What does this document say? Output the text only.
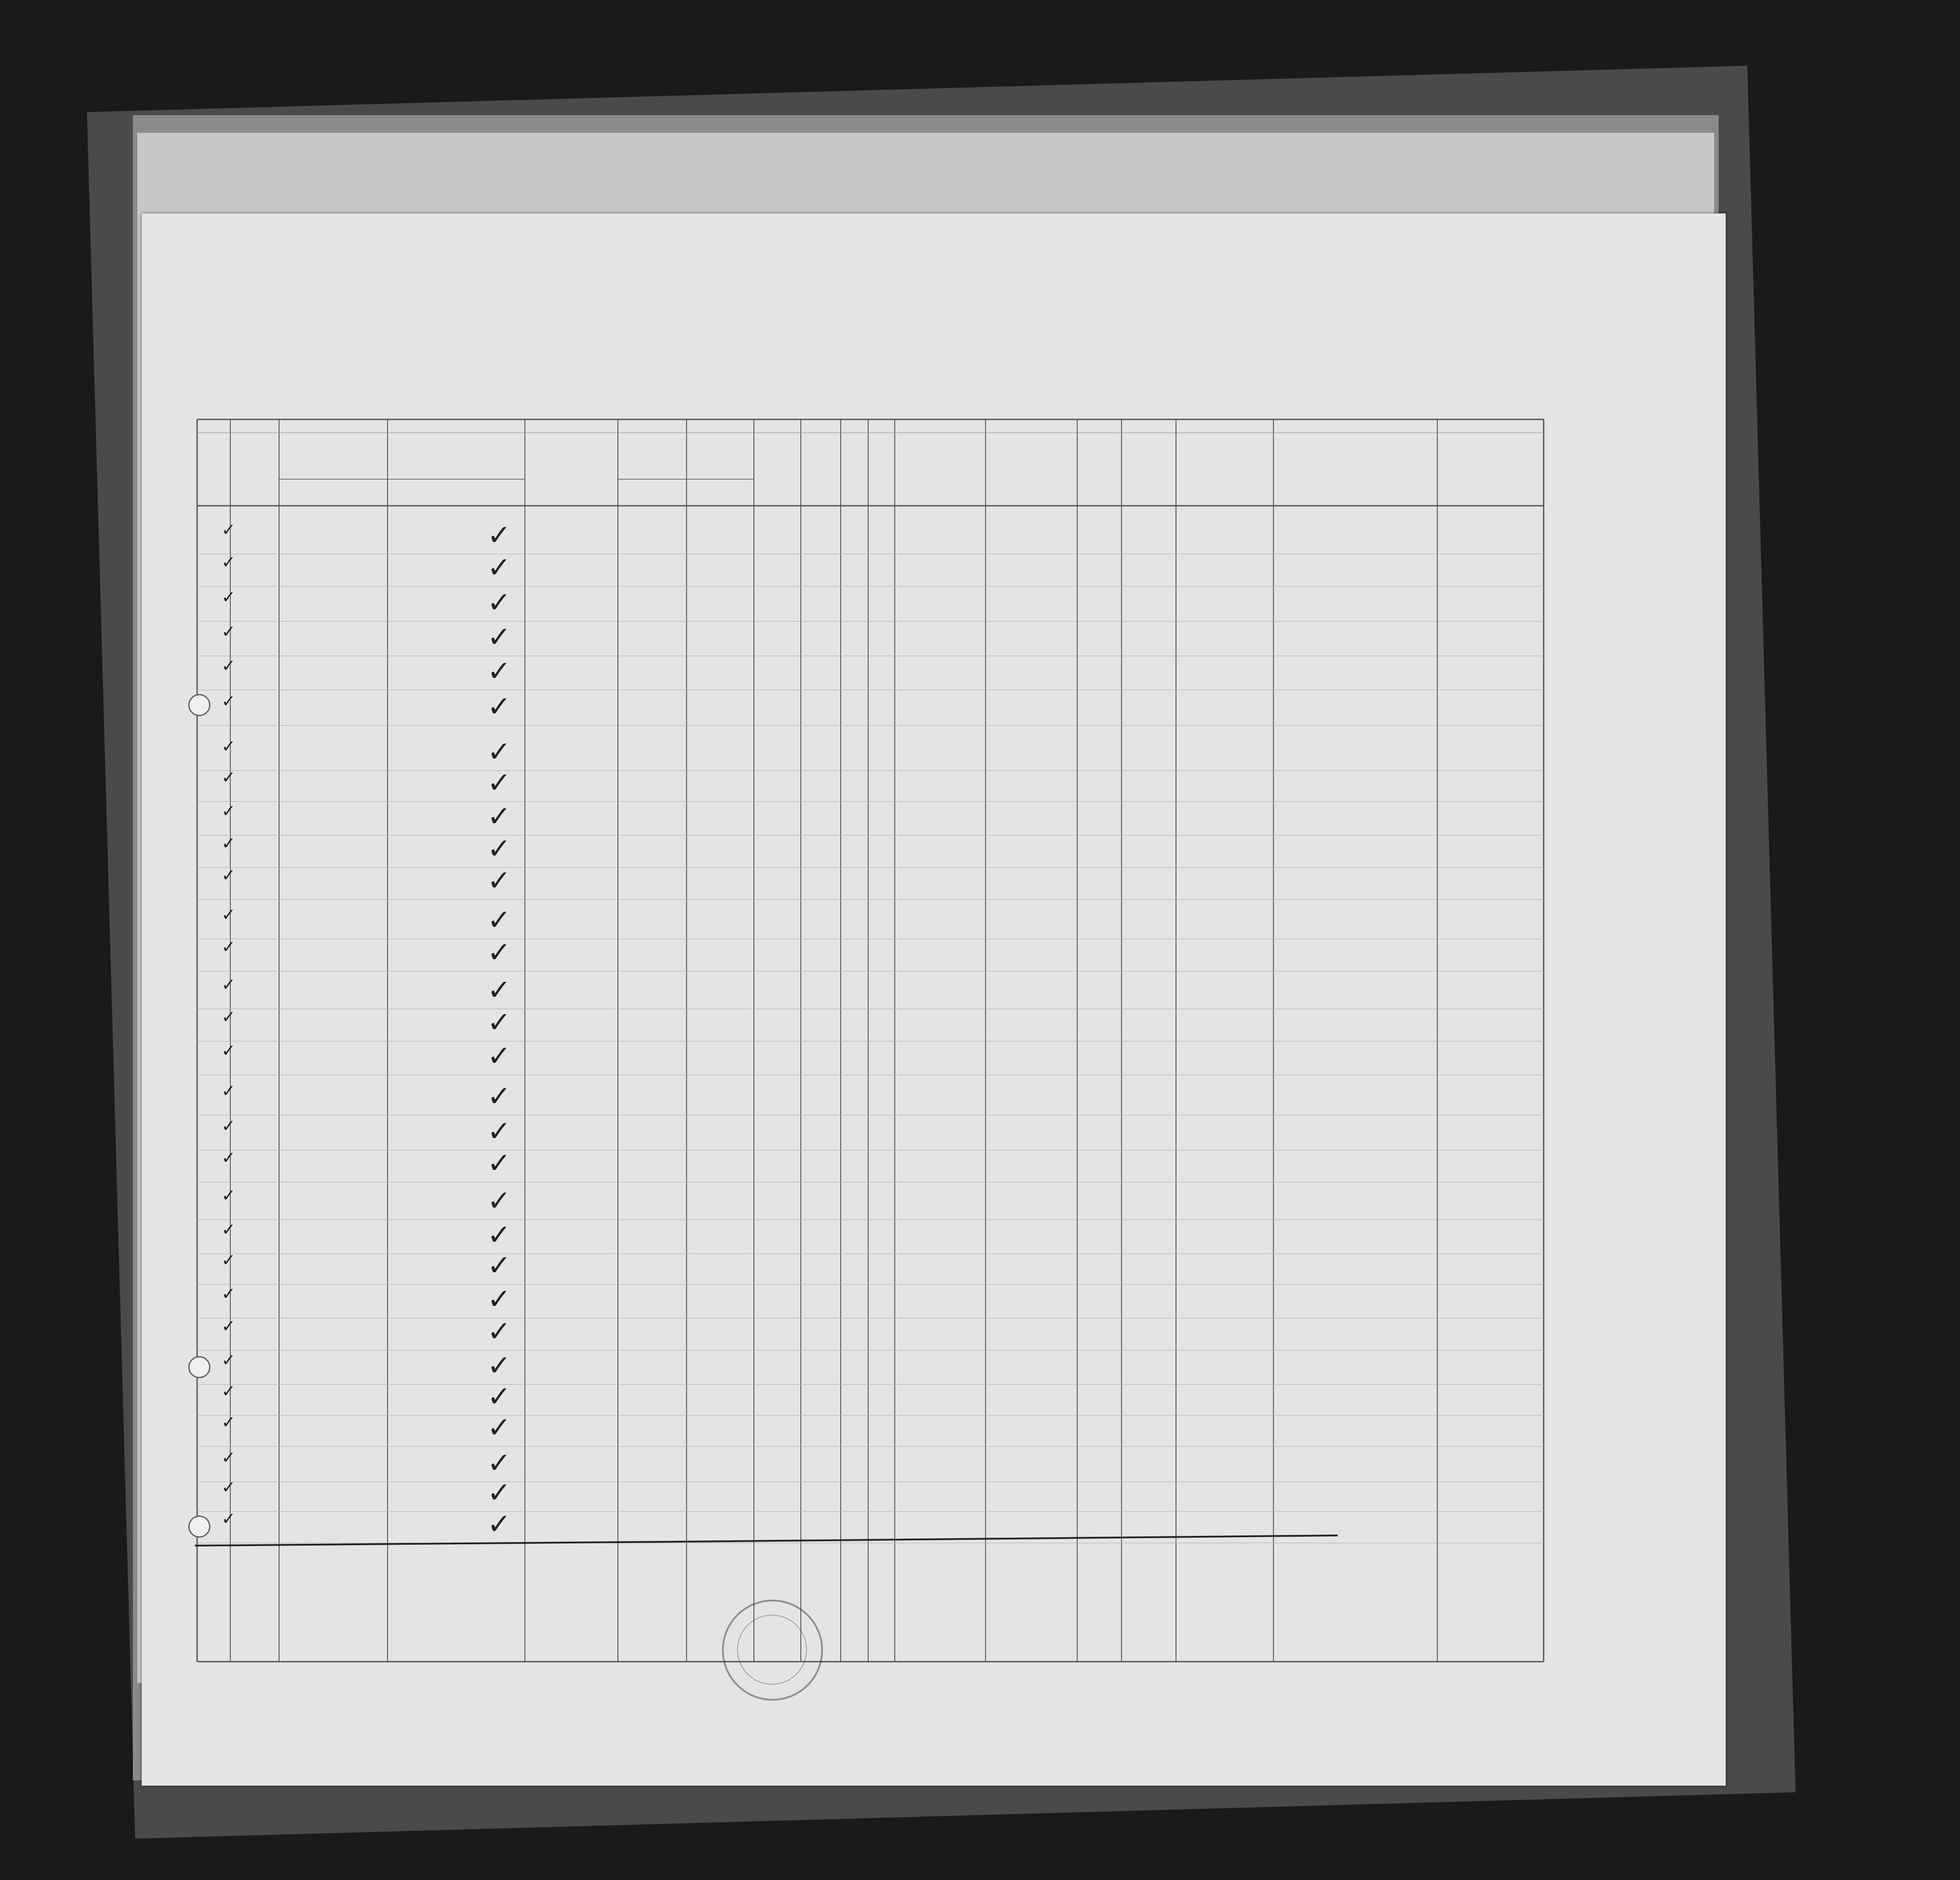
✓	✓
✓	✓
✓	✓
✓	✓
✓	✓
✓	✓
✓	✓
✓	✓
✓	✓
✓	✓
✓	✓
✓	✓
✓	✓
✓	✓
✓	✓
✓	✓
✓	✓
✓	✓
✓	✓
✓	✓
✓	✓
✓	✓
✓	✓
✓	✓
✓	✓
✓	✓
✓	✓
✓	✓
✓	✓
✓	✓
